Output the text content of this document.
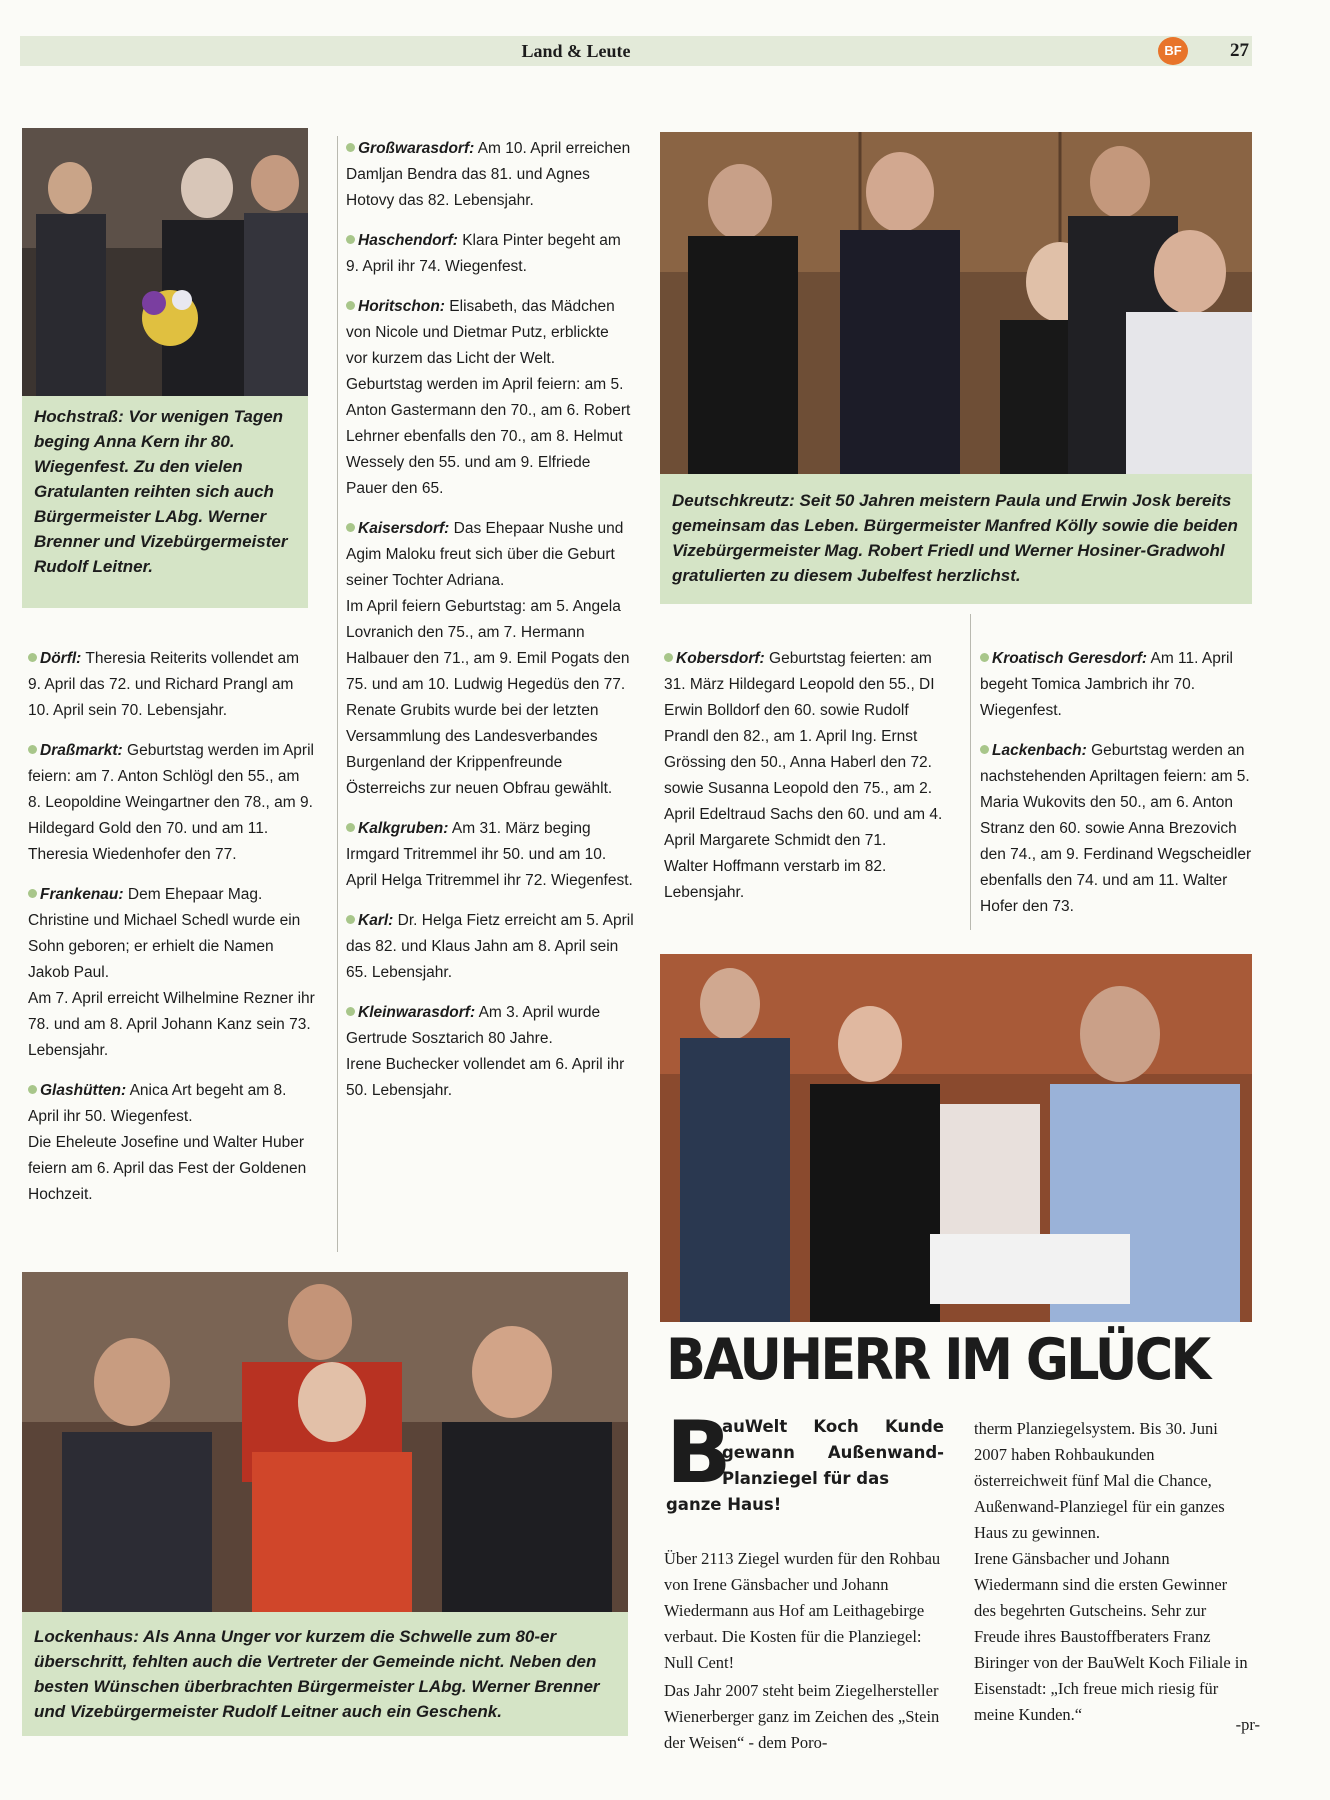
Land & Leute	BF	27
Hochstraß: Vor wenigen Tagen beging Anna Kern ihr 80. Wiegenfest. Zu den vielen Gratulanten reihten sich auch Bürgermeister LAbg. Werner Brenner und Vizebürgermeister Rudolf Leitner.

Dörfl: Theresia Reiterits vollendet am 9. April das 72. und Richard Prangl am 10. April sein 70. Lebensjahr.

Draßmarkt: Geburtstag werden im April feiern: am 7. Anton Schlögl den 55., am 8. Leopoldine Weingartner den 78., am 9. Hildegard Gold den 70. und am 11. Theresia Wiedenhofer den 77.

Frankenau: Dem Ehepaar Mag. Christine und Michael Schedl wurde ein Sohn geboren; er erhielt die Namen Jakob Paul.

Am 7. April erreicht Wilhelmine Rezner ihr 78. und am 8. April Johann Kanz sein 73. Lebensjahr.

Glashütten: Anica Art begeht am 8. April ihr 50. Wiegenfest.

Die Eheleute Josefine und Walter Huber feiern am 6. April das Fest der Goldenen Hochzeit.

Großwarasdorf: Am 10. April erreichen Damljan Bendra das 81. und Agnes Hotovy das 82. Lebensjahr.

Haschendorf: Klara Pinter begeht am 9. April ihr 74. Wiegenfest.

Horitschon: Elisabeth, das Mädchen von Nicole und Dietmar Putz, erblickte vor kurzem das Licht der Welt. Geburtstag werden im April feiern: am 5. Anton Gastermann den 70., am 6. Robert Lehrner ebenfalls den 70., am 8. Helmut Wessely den 55. und am 9. Elfriede Pauer den 65.

Kaisersdorf: Das Ehepaar Nushe und Agim Maloku freut sich über die Geburt seiner Tochter Adriana.

Im April feiern Geburtstag: am 5. Angela Lovranich den 75., am 7. Hermann Halbauer den 71., am 9. Emil Pogats den 75. und am 10. Ludwig Hegedüs den 77.

Renate Grubits wurde bei der letzten Versammlung des Landesverbandes Burgenland der Krippenfreunde Österreichs zur neuen Obfrau gewählt.

Kalkgruben: Am 31. März beging Irmgard Tritremmel ihr 50. und am 10. April Helga Tritremmel ihr 72. Wiegenfest.

Karl: Dr. Helga Fietz erreicht am 5. April das 82. und Klaus Jahn am 8. April sein 65. Lebensjahr.

Kleinwarasdorf: Am 3. April wurde Gertrude Sosztarich 80 Jahre.

Irene Buchecker vollendet am 6. April ihr 50. Lebensjahr.

Deutschkreutz: Seit 50 Jahren meistern Paula und Erwin Josk bereits gemeinsam das Leben. Bürgermeister Manfred Kölly sowie die beiden Vizebürgermeister Mag. Robert Friedl und Werner Hosiner-Gradwohl gratulierten zu diesem Jubelfest herzlichst.

Kobersdorf: Geburtstag feierten: am 31. März Hildegard Leopold den 55., DI Erwin Bolldorf den 60. sowie Rudolf Prandl den 82., am 1. April Ing. Ernst Grössing den 50., Anna Haberl den 72. sowie Susanna Leopold den 75., am 2. April Edeltraud Sachs den 60. und am 4. April Margarete Schmidt den 71.

Walter Hoffmann verstarb im 82. Lebensjahr.

Kroatisch Geresdorf: Am 11. April begeht Tomica Jambrich ihr 70. Wiegenfest.

Lackenbach: Geburtstag werden an nachstehenden Apriltagen feiern: am 5. Maria Wukovits den 50., am 6. Anton Stranz den 60. sowie Anna Brezovich den 74., am 9. Ferdinand Wegscheidler ebenfalls den 74. und am 11. Walter Hofer den 73.

Lockenhaus: Als Anna Unger vor kurzem die Schwelle zum 80-er überschritt, fehlten auch die Vertreter der Gemeinde nicht. Neben den besten Wünschen überbrachten Bürgermeister LAbg. Werner Brenner und Vizebürgermeister Rudolf Leitner auch ein Geschenk.
BAUHERR IM GLÜCK
B
auWelt Koch Kunde gewann Außenwand-Planziegel für das
ganze Haus!

Über 2113 Ziegel wurden für den Rohbau von Irene Gänsbacher und Johann Wiedermann aus Hof am Leithagebirge verbaut. Die Kosten für die Planziegel: Null Cent!

Das Jahr 2007 steht beim Ziegelhersteller Wienerberger ganz im Zeichen des „Stein der Weisen“ - dem Poro-

therm Planziegelsystem. Bis 30. Juni 2007 haben Rohbaukunden österreichweit fünf Mal die Chance, Außenwand-Planziegel für ein ganzes Haus zu gewinnen.

Irene Gänsbacher und Johann Wiedermann sind die ersten Gewinner des begehrten Gutscheins. Sehr zur Freude ihres Baustoffberaters Franz Biringer von der BauWelt Koch Filiale in Eisenstadt: „Ich freue mich riesig für meine Kunden.“

-pr-
